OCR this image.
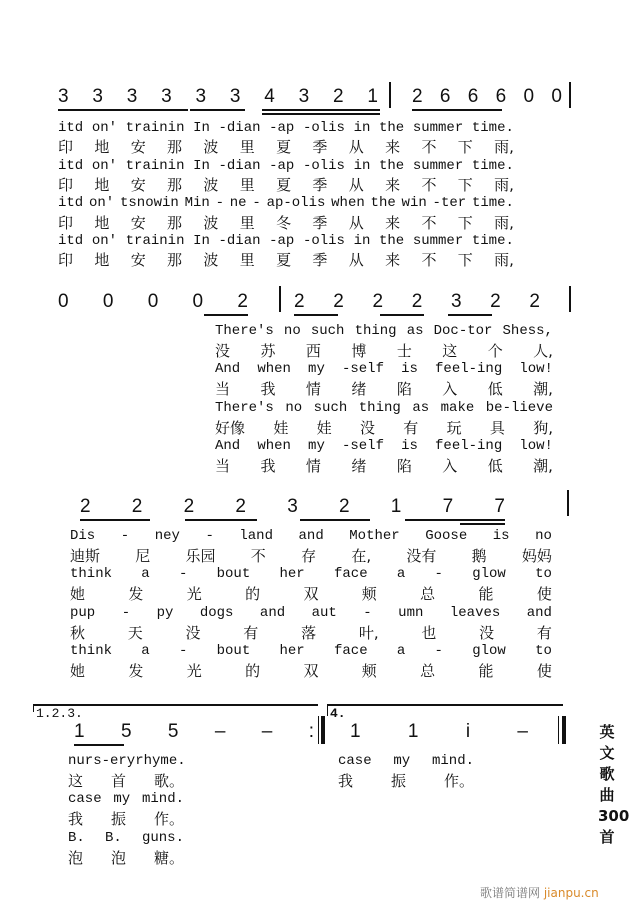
3 3 3 3 3 3 4 3 2 1 2 6 6 6 0 0
itd on' trainin In -dian -ap -olis in the summer time.
印 地 安 那 波 里 夏 季 从 来 不 下 雨,
itd on' trainin In -dian -ap -olis in the summer time.
印 地 安 那 波 里 夏 季 从 来 不 下 雨,
itd on' tsnowin Min - ne - ap-olis when the win -ter time.
印 地 安 那 波 里 冬 季 从 来 不 下 雨,
itd on' trainin In -dian -ap -olis in the summer time.
印 地 安 那 波 里 夏 季 从 来 不 下 雨,
0 0 0 0 2 2 2 2 2 3 2 2
There's no such thing as Doc-tor Shess,
没 苏 西 博 士 这 个 人,
And when my -self is feel-ing low!
当 我 情 绪 陷 入 低 潮,
There's no such thing as make be-lieve
好像 娃 娃 没 有 玩 具 狗,
And when my -self is feel-ing low!
当 我 情 绪 陷 入 低 潮,
2 2 2 2 3 2 1 7 7
Dis - ney - land and Mother Goose is no
迪斯 尼 乐园 不 存 在, 没有 鹅 妈妈
think a - bout her face a - glow to
她	发	光	的	双	颊	总	能	使
pup - py dogs and aut - umn leaves and
秋	天	没	有	落	叶,	也	没	有
think a - bout her face a - glow to
她	发	光	的	双	颊	总	能	使
1.2.3.	4.
1 5 5 – – : 1 1 i –
nurs-ery rhyme.
这 首 歌。
case my mind.
我 振 作。
B. B. guns.
泡 泡 糖。
case my mind.
我	振	作。
英文歌曲300首
歌谱简谱网 jianpu.cn
